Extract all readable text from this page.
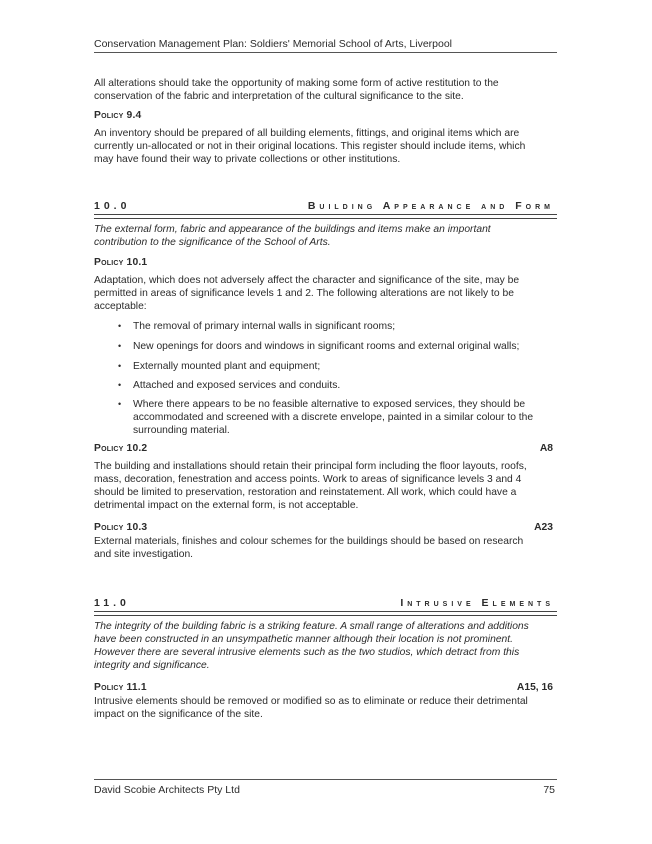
Conservation Management Plan: Soldiers' Memorial School of Arts, Liverpool
All alterations should take the opportunity of making some form of active restitution to the
conservation of the fabric and interpretation of the cultural significance to the site.
Policy 9.4
An inventory should be prepared of all building elements, fittings, and original items which are
currently un-allocated or not in their original locations. This register should include items, which
may have found their way to private collections or other institutions.
10.0	Building Appearance and Form
The external form, fabric and appearance of the buildings and items make an important
contribution to the significance of the School of Arts.
Policy 10.1
Adaptation, which does not adversely affect the character and significance of the site, may be
permitted in areas of significance levels 1 and 2. The following alterations are not likely to be
acceptable:
• The removal of primary internal walls in significant rooms;
• New openings for doors and windows in significant rooms and external original walls;
• Externally mounted plant and equipment;
• Attached and exposed services and conduits.
• Where there appears to be no feasible alternative to exposed services, they should be
accommodated and screened with a discrete envelope, painted in a similar colour to the
surrounding material.
Policy 10.2	A8
The building and installations should retain their principal form including the floor layouts, roofs,
mass, decoration, fenestration and access points. Work to areas of significance levels 3 and 4
should be limited to preservation, restoration and reinstatement. All work, which could have a
detrimental impact on the external form, is not acceptable.
Policy 10.3	A23
External materials, finishes and colour schemes for the buildings should be based on research
and site investigation.
11.0	Intrusive Elements
The integrity of the building fabric is a striking feature. A small range of alterations and additions
have been constructed in an unsympathetic manner although their location is not prominent.
However there are several intrusive elements such as the two studios, which detract from this
integrity and significance.
Policy 11.1	A15, 16
Intrusive elements should be removed or modified so as to eliminate or reduce their detrimental
impact on the significance of the site.
David Scobie Architects Pty Ltd	75
